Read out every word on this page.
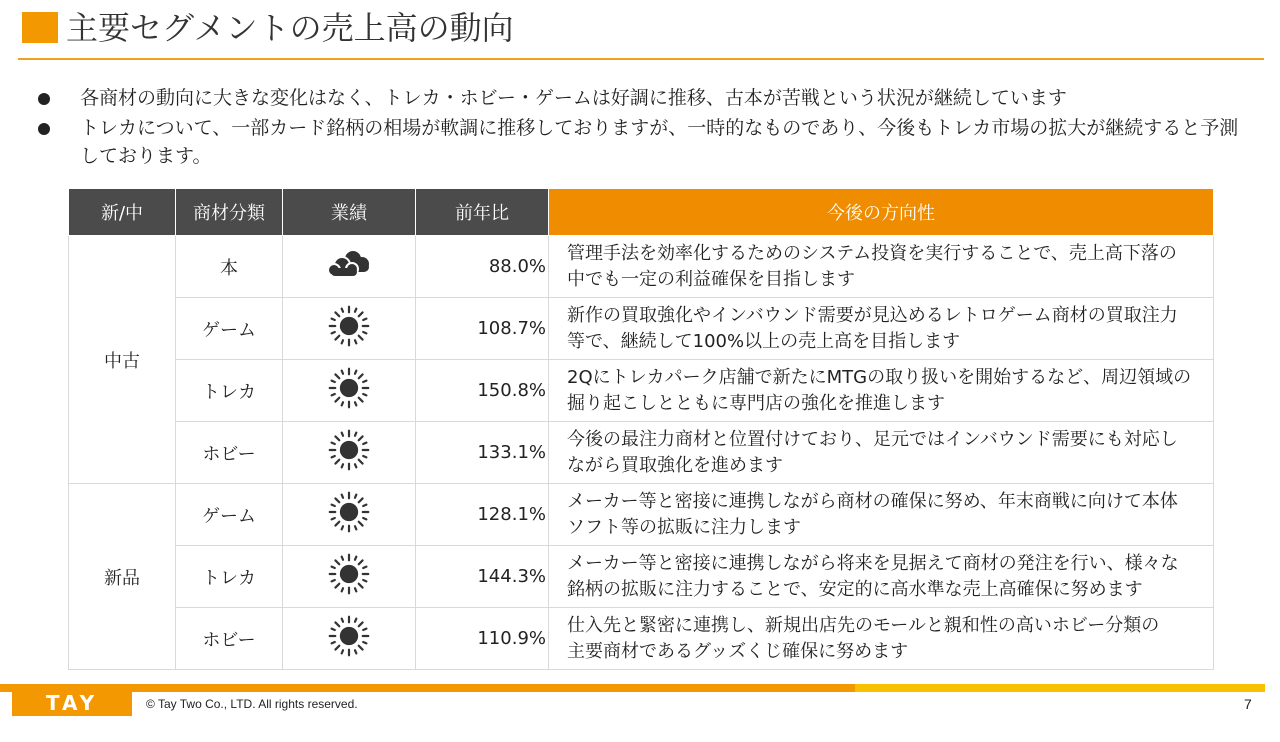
主要セグメントの売上高の動向
各商材の動向に大きな変化はなく、トレカ・ホビー・ゲームは好調に推移、古本が苦戦という状況が継続しています
トレカについて、一部カード銘柄の相場が軟調に推移しておりますが、一時的なものであり、今後もトレカ市場の拡大が継続すると予測しております。
新/中	商材分類	業績	前年比	今後の方向性
中古	本		88.0%	管理手法を効率化するためのシステム投資を実行することで、売上高下落の
中でも一定の利益確保を目指します

	ゲーム		108.7%	新作の買取強化やインバウンド需要が見込めるレトロゲーム商材の買取注力
等で、継続して100%以上の売上高を目指します

	トレカ		150.8%	2Qにトレカパーク店舗で新たにMTGの取り扱いを開始するなど、周辺領域の
掘り起こしとともに専門店の強化を推進します

	ホビー		133.1%	今後の最注力商材と位置付けており、足元ではインバウンド需要にも対応し
ながら買取強化を進めます

新品	ゲーム		128.1%	メーカー等と密接に連携しながら商材の確保に努め、年末商戦に向けて本体
ソフト等の拡販に注力します

	トレカ		144.3%	メーカー等と密接に連携しながら将来を見据えて商材の発注を行い、様々な
銘柄の拡販に注力することで、安定的に高水準な売上高確保に努めます

	ホビー		110.9%	仕入先と緊密に連携し、新規出店先のモールと親和性の高いホビー分類の
主要商材であるグッズくじ確保に努めます
TAY TWO
© Tay Two Co., LTD. All rights reserved.	7
